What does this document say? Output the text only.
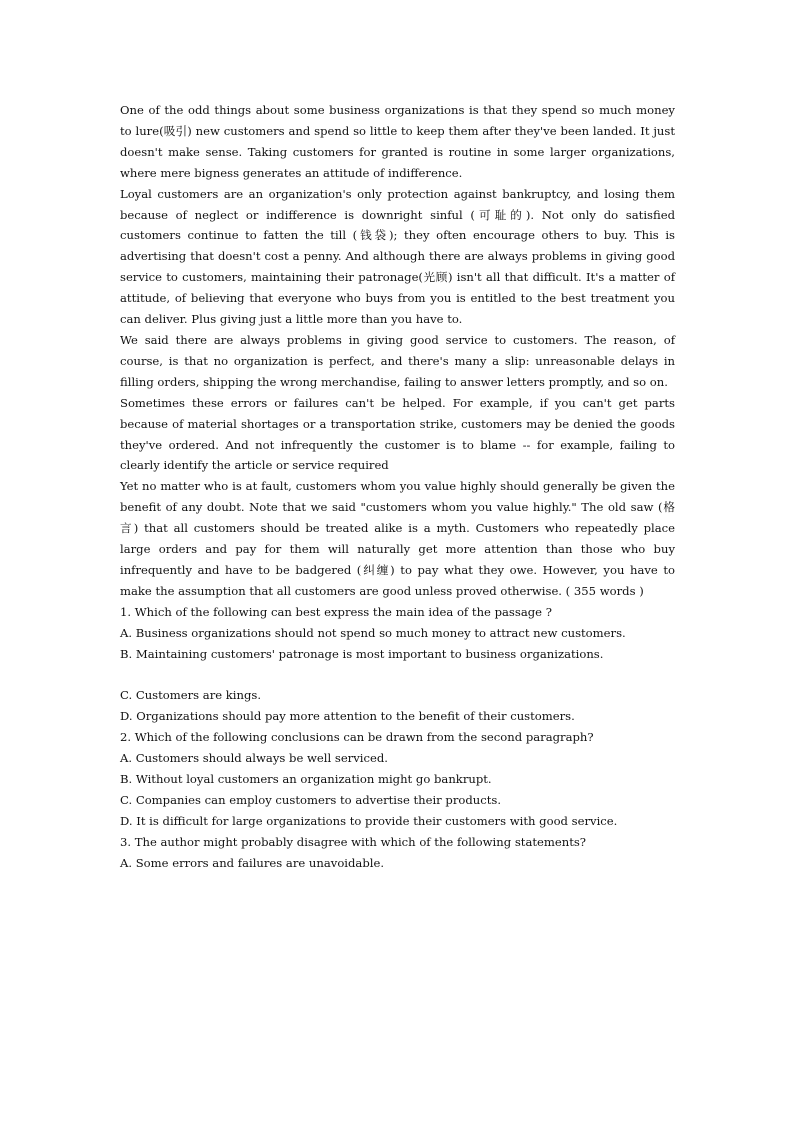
One of the odd things about some business organizations is that they spend so much money to lure(吸引) new customers and spend so little to keep them after they've been landed. It just doesn't make sense. Taking customers for granted is routine in some larger organizations, where mere bigness generates an attitude of indifference.

Loyal customers are an organization's only protection against bankruptcy, and losing them because of neglect or indifference is downright sinful (可耻的). Not only do satisfied customers continue to fatten the till (钱袋); they often encourage others to buy. This is advertising that doesn't cost a penny. And although there are always problems in giving good service to customers, maintaining their patronage(光顾) isn't all that difficult. It's a matter of attitude, of believing that everyone who buys from you is entitled to the best treatment you can deliver. Plus giving just a little more than you have to.

We said there are always problems in giving good service to customers. The reason, of course, is that no organization is perfect, and there's many a slip: unreasonable delays in filling orders, shipping the wrong merchandise, failing to answer letters promptly, and so on.

Sometimes these errors or failures can't be helped. For example, if you can't get parts because of material shortages or a transportation strike, customers may be denied the goods they've ordered. And not infrequently the customer is to blame -- for example, failing to clearly identify the article or service required

Yet no matter who is at fault, customers whom you value highly should generally be given the benefit of any doubt. Note that we said "customers whom you value highly." The old saw (格言) that all customers should be treated alike is a myth. Customers who repeatedly place large orders and pay for them will naturally get more attention than those who buy infrequently and have to be badgered (纠缠) to pay what they owe. However, you have to make the assumption that all customers are good unless proved otherwise. ( 355 words )

1. Which of the following can best express the main idea of the passage ?

A. Business organizations should not spend so much money to attract new customers.

B. Maintaining customers' patronage is most important to business organizations.

C. Customers are kings.

D. Organizations should pay more attention to the benefit of their customers.

2. Which of the following conclusions can be drawn from the second paragraph?

A. Customers should always be well serviced.

B. Without loyal customers an organization might go bankrupt.

C. Companies can employ customers to advertise their products.

D. It is difficult for large organizations to provide their customers with good service.

3. The author might probably disagree with which of the following statements?

A. Some errors and failures are unavoidable.
